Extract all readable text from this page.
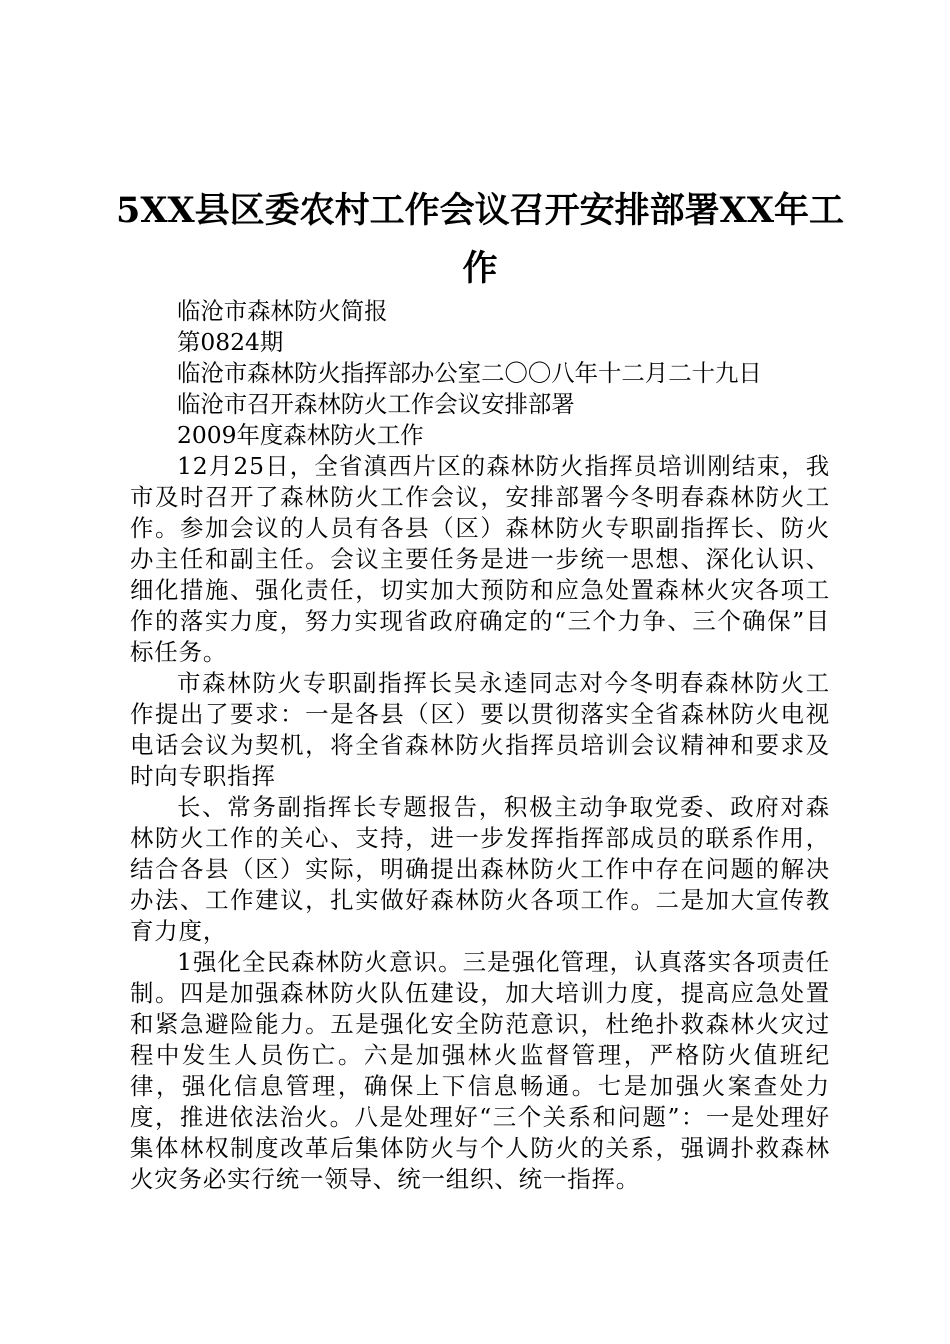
5XX县区委农村工作会议召开安排部署XX年工作

临沧市森林防火简报

第0824期

临沧市森林防火指挥部办公室二〇〇八年十二月二十九日

临沧市召开森林防火工作会议安排部署

2009年度森林防火工作

12月25日，全省滇西片区的森林防火指挥员培训刚结束，我市及时召开了森林防火工作会议，安排部署今冬明春森林防火工作。参加会议的人员有各县（区）森林防火专职副指挥长、防火办主任和副主任。会议主要任务是进一步统一思想、深化认识、细化措施、强化责任，切实加大预防和应急处置森林火灾各项工作的落实力度，努力实现省政府确定的“三个力争、三个确保”目标任务。

市森林防火专职副指挥长吴永逵同志对今冬明春森林防火工作提出了要求：一是各县（区）要以贯彻落实全省森林防火电视电话会议为契机，将全省森林防火指挥员培训会议精神和要求及时向专职指挥

长、常务副指挥长专题报告，积极主动争取党委、政府对森林防火工作的关心、支持，进一步发挥指挥部成员的联系作用，结合各县（区）实际，明确提出森林防火工作中存在问题的解决办法、工作建议，扎实做好森林防火各项工作。二是加大宣传教育力度，

1强化全民森林防火意识。三是强化管理，认真落实各项责任制。四是加强森林防火队伍建设，加大培训力度，提高应急处置和紧急避险能力。五是强化安全防范意识，杜绝扑救森林火灾过程中发生人员伤亡。六是加强林火监督管理，严格防火值班纪律，强化信息管理，确保上下信息畅通。七是加强火案查处力度，推进依法治火。八是处理好“三个关系和问题”：一是处理好集体林权制度改革后集体防火与个人防火的关系，强调扑救森林火灾务必实行统一领导、统一组织、统一指挥。
